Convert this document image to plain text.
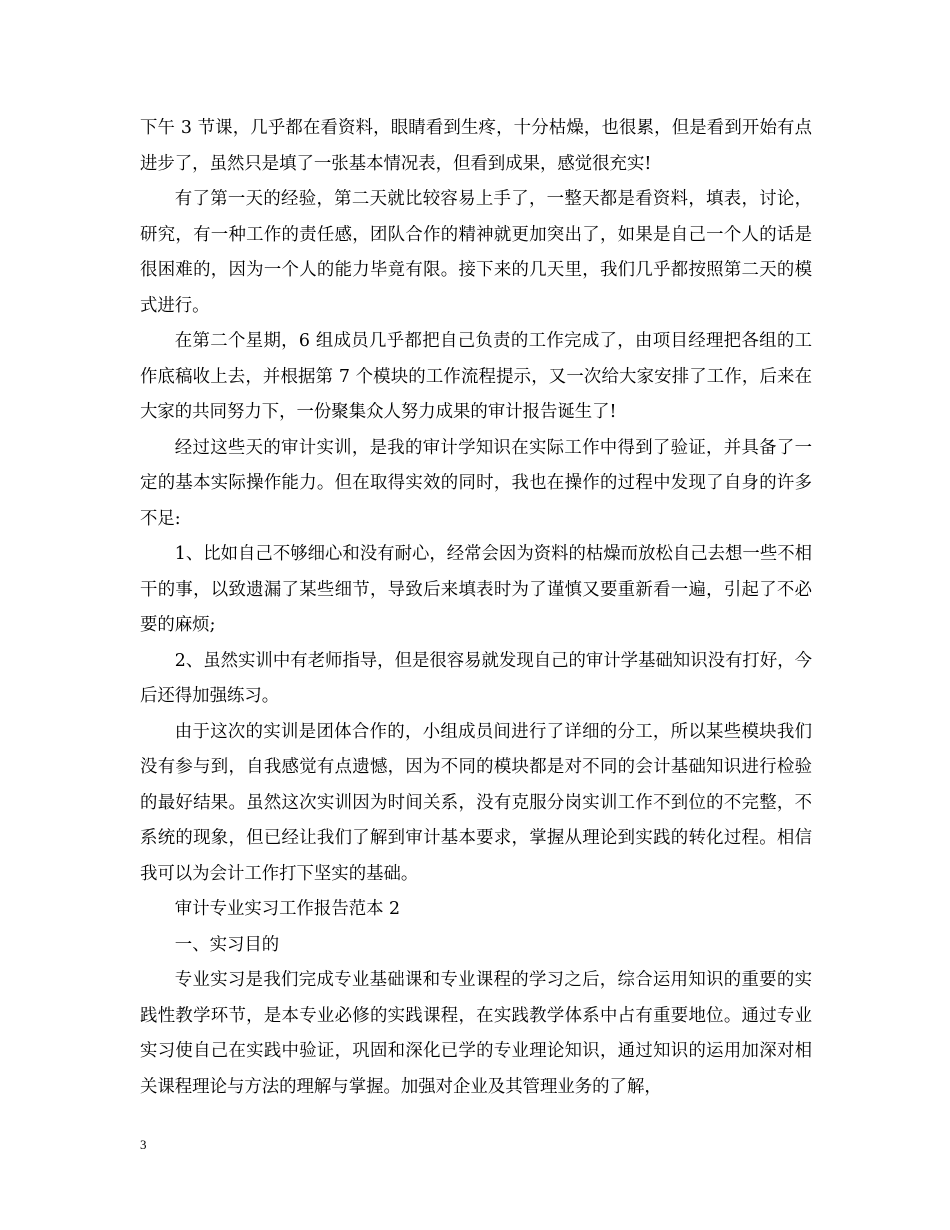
下午 3 节课，几乎都在看资料，眼睛看到生疼，十分枯燥，也很累，但是看到开始有点进步了，虽然只是填了一张基本情况表，但看到成果，感觉很充实!

有了第一天的经验，第二天就比较容易上手了，一整天都是看资料，填表，讨论，研究，有一种工作的责任感，团队合作的精神就更加突出了，如果是自己一个人的话是很困难的，因为一个人的能力毕竟有限。接下来的几天里，我们几乎都按照第二天的模式进行。

在第二个星期，6 组成员几乎都把自己负责的工作完成了，由项目经理把各组的工作底稿收上去，并根据第 7 个模块的工作流程提示，又一次给大家安排了工作，后来在大家的共同努力下，一份聚集众人努力成果的审计报告诞生了!

经过这些天的审计实训，是我的审计学知识在实际工作中得到了验证，并具备了一定的基本实际操作能力。但在取得实效的同时，我也在操作的过程中发现了自身的许多不足:

1、比如自己不够细心和没有耐心，经常会因为资料的枯燥而放松自己去想一些不相干的事，以致遗漏了某些细节，导致后来填表时为了谨慎又要重新看一遍，引起了不必要的麻烦;

2、虽然实训中有老师指导，但是很容易就发现自己的审计学基础知识没有打好，今后还得加强练习。

由于这次的实训是团体合作的，小组成员间进行了详细的分工，所以某些模块我们没有参与到，自我感觉有点遗憾，因为不同的模块都是对不同的会计基础知识进行检验的最好结果。虽然这次实训因为时间关系，没有克服分岗实训工作不到位的不完整，不系统的现象，但已经让我们了解到审计基本要求，掌握从理论到实践的转化过程。相信我可以为会计工作打下坚实的基础。

审计专业实习工作报告范本 2

一、实习目的

专业实习是我们完成专业基础课和专业课程的学习之后，综合运用知识的重要的实践性教学环节，是本专业必修的实践课程，在实践教学体系中占有重要地位。通过专业实习使自己在实践中验证，巩固和深化已学的专业理论知识，通过知识的运用加深对相关课程理论与方法的理解与掌握。加强对企业及其管理业务的了解，

3
